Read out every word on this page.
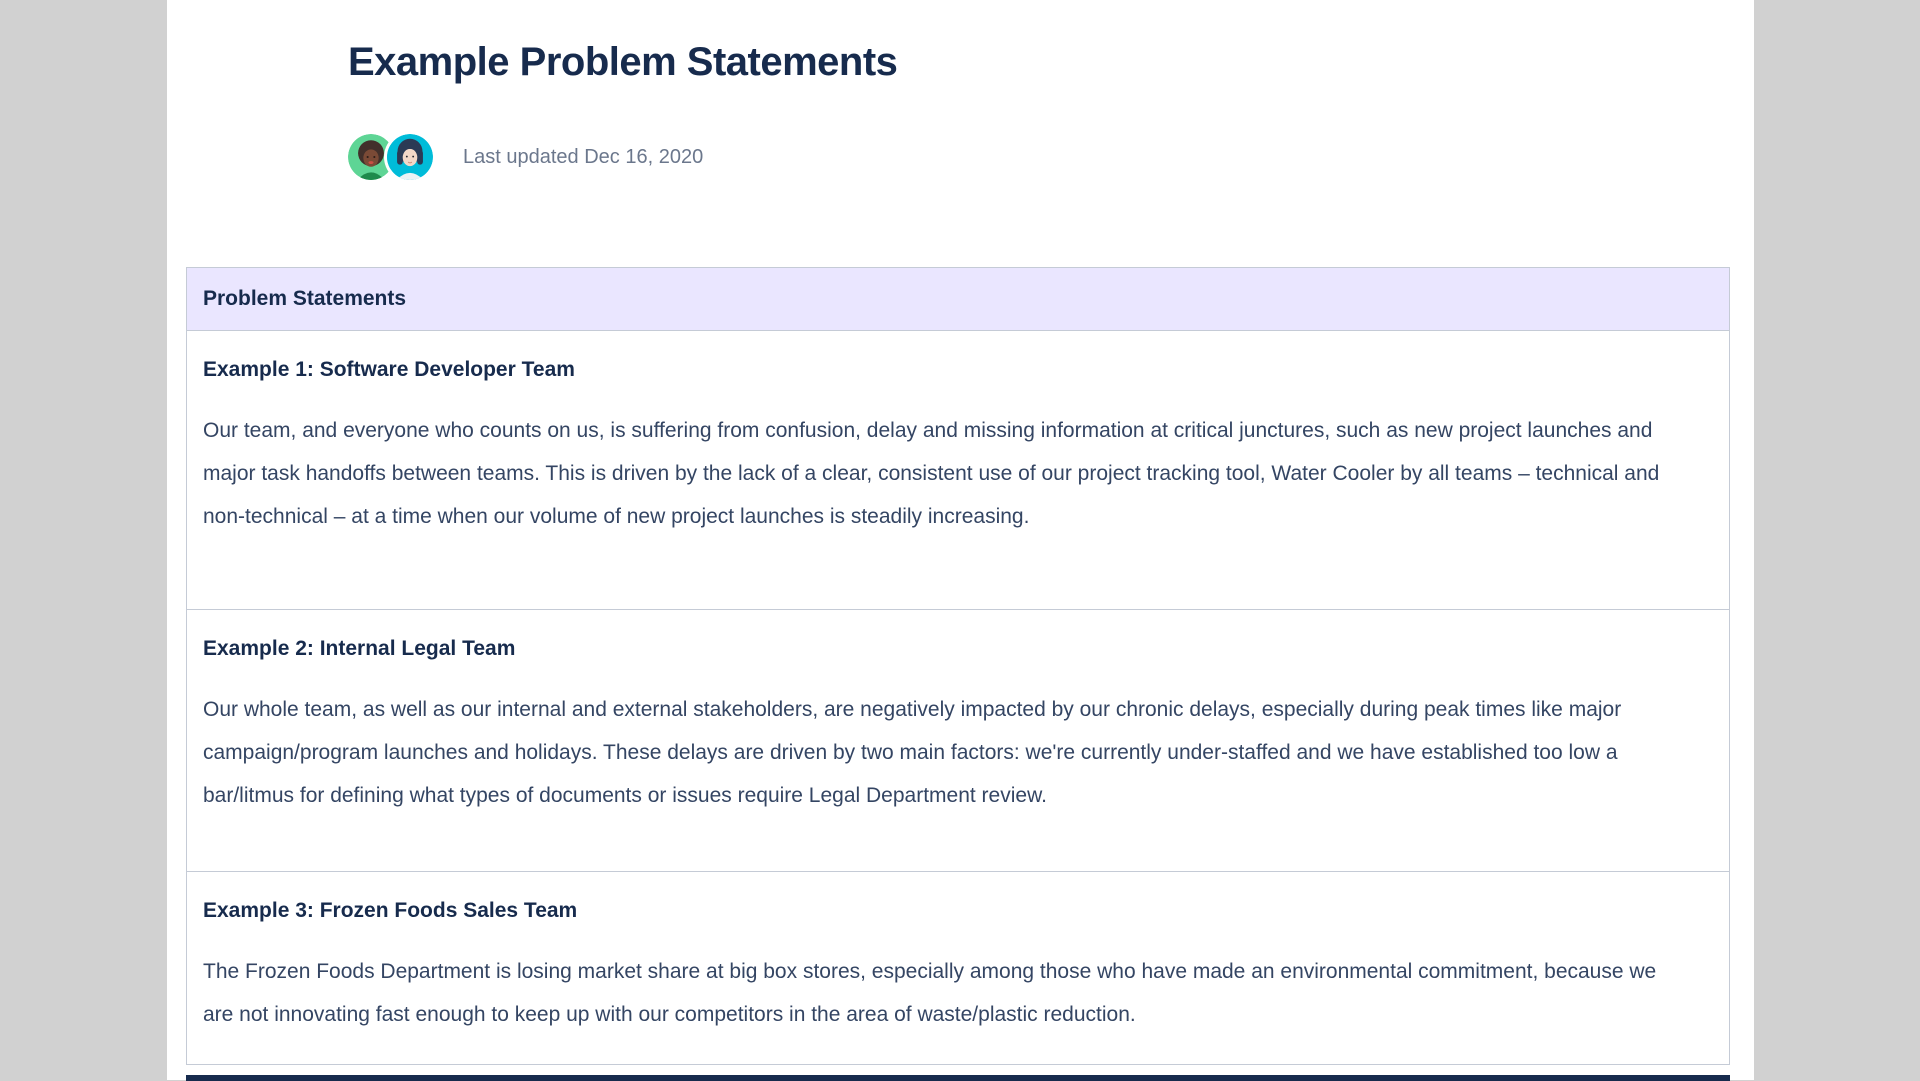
Example Problem Statements
Last updated Dec 16, 2020
Problem Statements

Example 1: Software Developer Team

Our team, and everyone who counts on us, is suffering from confusion, delay and missing information at critical junctures, such as new project launches and major task handoffs between teams. This is driven by the lack of a clear, consistent use of our project tracking tool, Water Cooler by all teams – technical and non-technical – at a time when our volume of new project launches is steadily increasing.

Example 2: Internal Legal Team

Our whole team, as well as our internal and external stakeholders, are negatively impacted by our chronic delays, especially during peak times like major campaign/program launches and holidays. These delays are driven by two main factors: we're currently under-staffed and we have established too low a bar/litmus for defining what types of documents or issues require Legal Department review.

Example 3: Frozen Foods Sales Team

The Frozen Foods Department is losing market share at big box stores, especially among those who have made an environmental commitment, because we are not innovating fast enough to keep up with our competitors in the area of waste/plastic reduction.
